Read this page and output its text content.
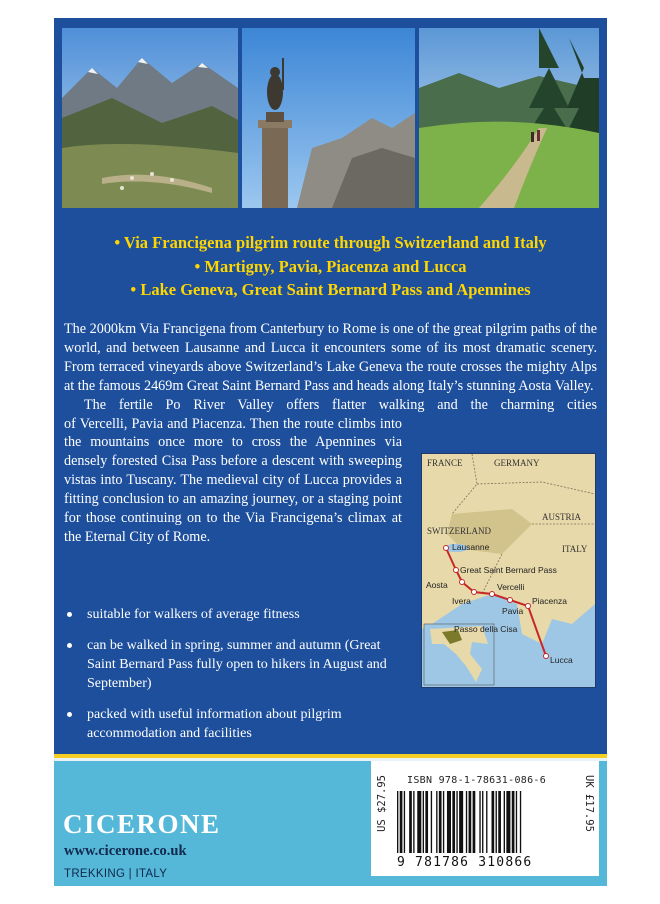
• Via Francigena pilgrim route through Switzerland and Italy
• Martigny, Pavia, Piacenza and Lucca
• Lake Geneva, Great Saint Bernard Pass and Apennines

The 2000km Via Francigena from Canterbury to Rome is one of the great pilgrim paths of the world, and between Lausanne and Lucca it encounters some of its most dramatic scenery. From terraced vineyards above Switzerland’s Lake Geneva the route crosses the mighty Alps at the famous 2469m Great Saint Bernard Pass and heads along Italy’s stunning Aosta Valley.

The fertile Po River Valley offers flatter walking and the charming cities

of Vercelli, Pavia and Piacenza. Then the route climbs into the mountains once more to cross the Apennines via densely forested Cisa Pass before a descent with sweeping vistas into Tuscany. The medieval city of Lucca provides a fitting conclusion to an amazing journey, or a staging point for those continuing on to the Via Francigena’s climax at the Eternal City of Rome.

FRANCE	GERMANY
SWITZERLAND
AUSTRIA
ITALY
Lausanne
Great Saint Bernard Pass
Aosta
Ivera
Vercelli
Piacenza
Pavia
Passo della Cisa
Lucca
suitable for walkers of average fitness
can be walked in spring, summer and autumn (Great Saint Bernard Pass fully open to hikers in August and September)
packed with useful information about pilgrim accommodation and facilities
CICERONE
www.cicerone.co.uk
TREKKING | ITALY
US $27.95 ISBN 978-1-78631-086-6	UK £17.95
9 781786 310866
